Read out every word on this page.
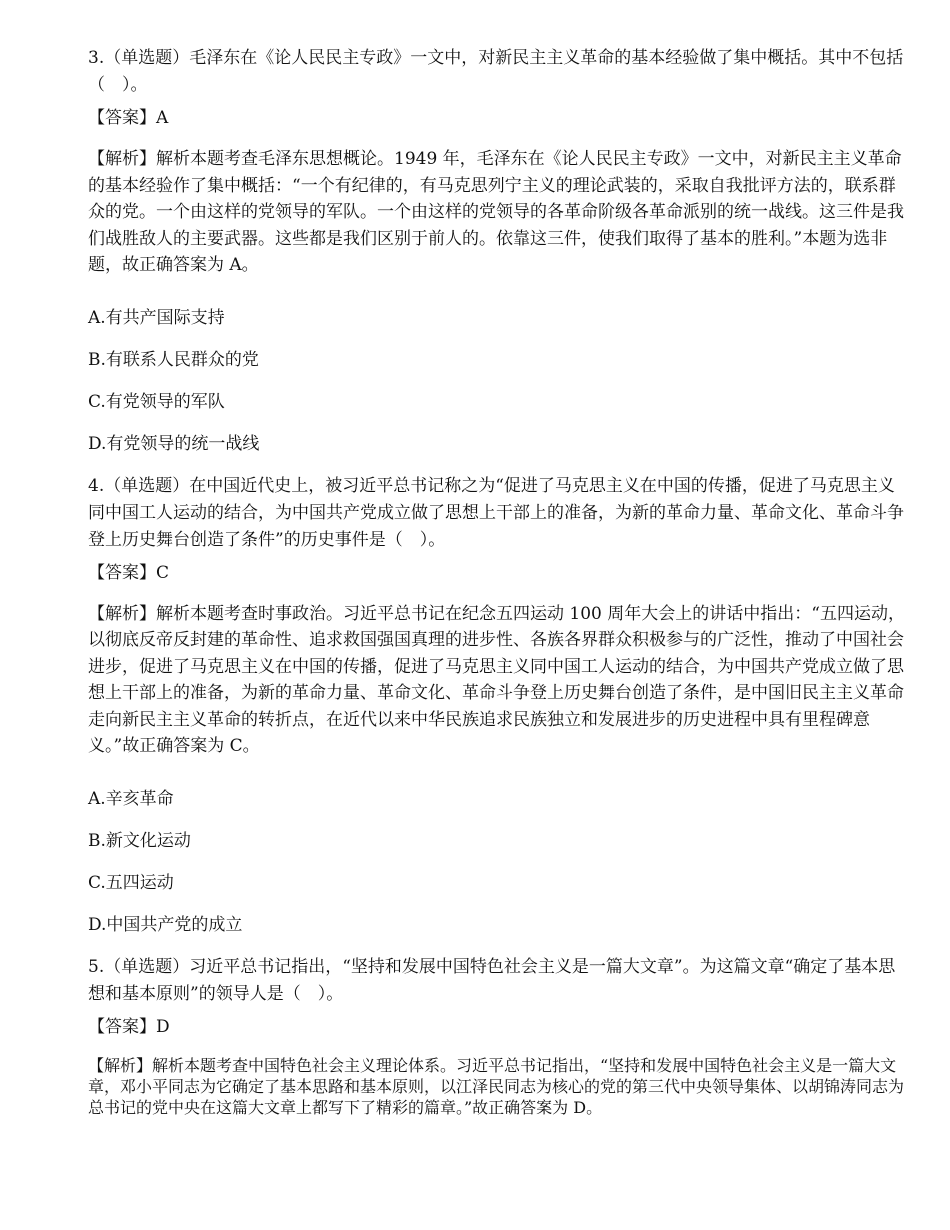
3.（单选题）毛泽东在《论人民民主专政》一文中，对新民主主义革命的基本经验做了集中概括。其中不包括（　）。

【答案】A

【解析】解析本题考查毛泽东思想概论。1949 年，毛泽东在《论人民民主专政》一文中，对新民主主义革命的基本经验作了集中概括：“一个有纪律的，有马克思列宁主义的理论武装的，采取自我批评方法的，联系群众的党。一个由这样的党领导的军队。一个由这样的党领导的各革命阶级各革命派别的统一战线。这三件是我们战胜敌人的主要武器。这些都是我们区别于前人的。依靠这三件，使我们取得了基本的胜利。”本题为选非题，故正确答案为 A。

A.有共产国际支持

B.有联系人民群众的党

C.有党领导的军队

D.有党领导的统一战线

4.（单选题）在中国近代史上，被习近平总书记称之为“促进了马克思主义在中国的传播，促进了马克思主义同中国工人运动的结合，为中国共产党成立做了思想上干部上的准备，为新的革命力量、革命文化、革命斗争登上历史舞台创造了条件”的历史事件是（　）。

【答案】C

【解析】解析本题考查时事政治。习近平总书记在纪念五四运动 100 周年大会上的讲话中指出：“五四运动，以彻底反帝反封建的革命性、追求救国强国真理的进步性、各族各界群众积极参与的广泛性，推动了中国社会进步，促进了马克思主义在中国的传播，促进了马克思主义同中国工人运动的结合，为中国共产党成立做了思想上干部上的准备，为新的革命力量、革命文化、革命斗争登上历史舞台创造了条件，是中国旧民主主义革命走向新民主主义革命的转折点，在近代以来中华民族追求民族独立和发展进步的历史进程中具有里程碑意义。”故正确答案为 C。

A.辛亥革命

B.新文化运动

C.五四运动

D.中国共产党的成立

5.（单选题）习近平总书记指出，“坚持和发展中国特色社会主义是一篇大文章”。为这篇文章“确定了基本思想和基本原则”的领导人是（　）。

【答案】D

【解析】解析本题考查中国特色社会主义理论体系。习近平总书记指出，“坚持和发展中国特色社会主义是一篇大文章，邓小平同志为它确定了基本思路和基本原则，以江泽民同志为核心的党的第三代中央领导集体、以胡锦涛同志为总书记的党中央在这篇大文章上都写下了精彩的篇章。”故正确答案为 D。
